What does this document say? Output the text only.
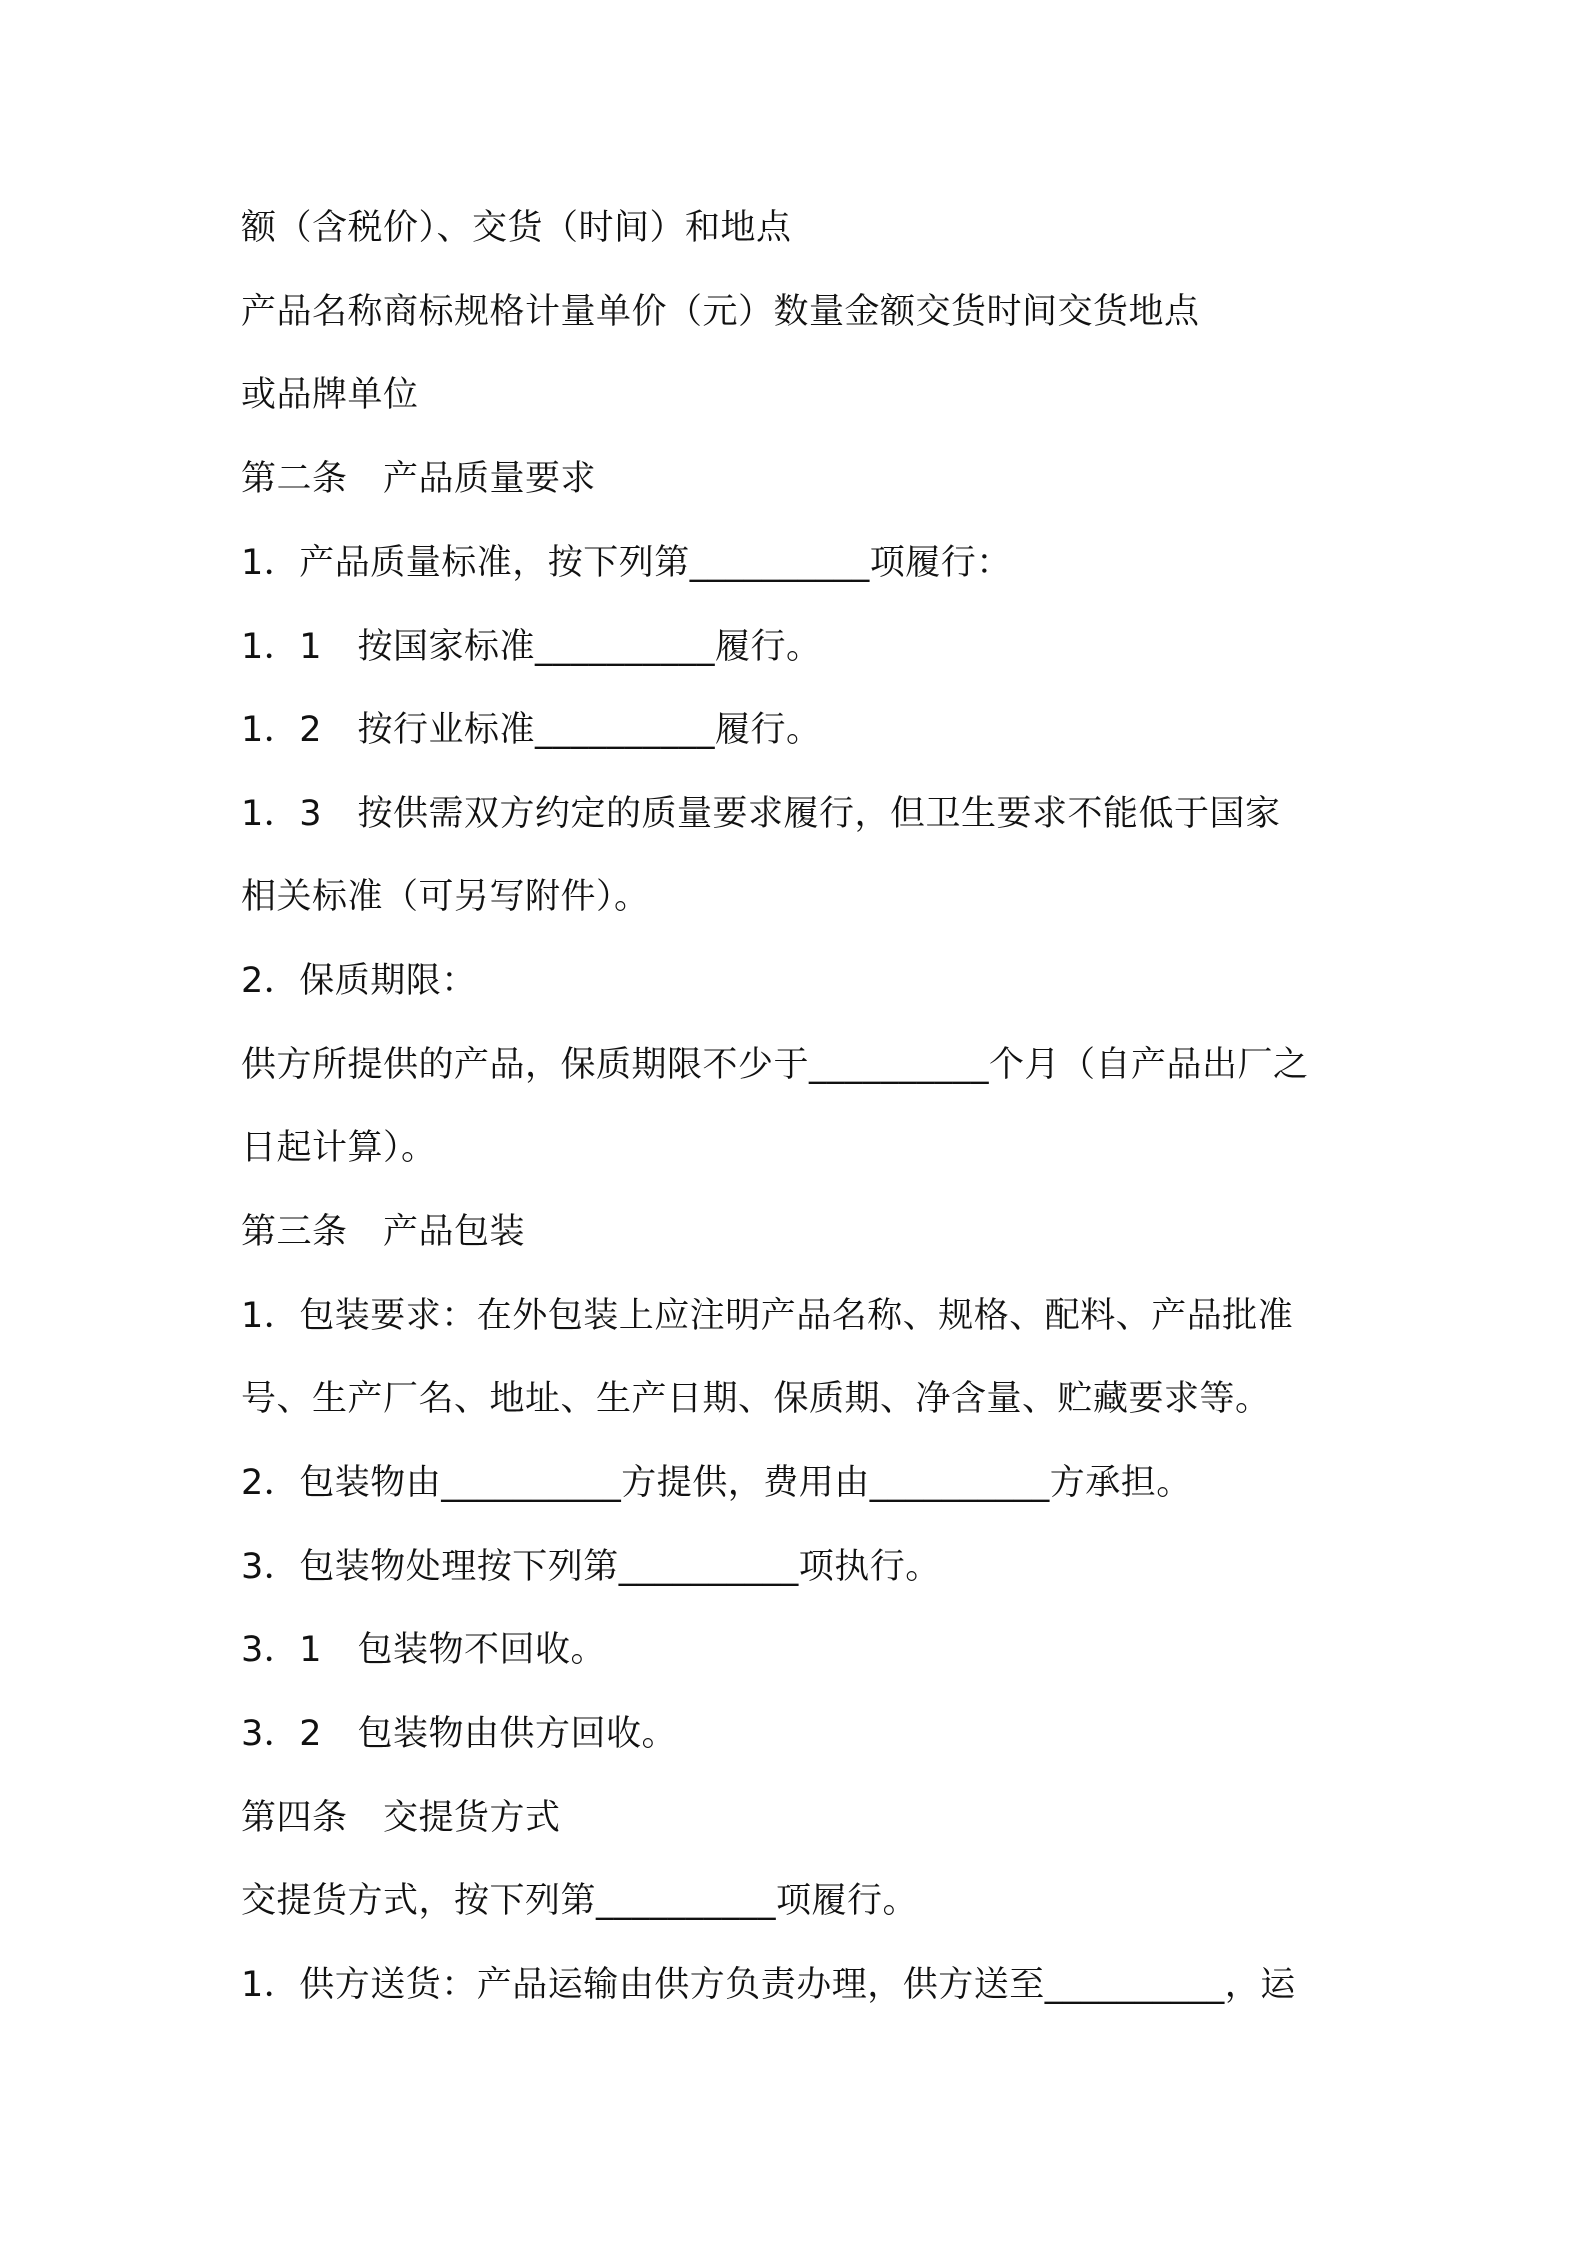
额（含税价）、交货（时间）和地点
产品名称商标规格计量单价（元）数量金额交货时间交货地点
或品牌单位
第二条　产品质量要求
1．产品质量标准，按下列第__________项履行：
1．1　按国家标准__________履行。
1．2　按行业标准__________履行。
1．3　按供需双方约定的质量要求履行，但卫生要求不能低于国家
相关标准（可另写附件）。
2．保质期限：
供方所提供的产品，保质期限不少于__________个月（自产品出厂之
日起计算）。
第三条　产品包装
1．包装要求：在外包装上应注明产品名称、规格、配料、产品批准
号、生产厂名、地址、生产日期、保质期、净含量、贮藏要求等。
2．包装物由__________方提供，费用由__________方承担。
3．包装物处理按下列第__________项执行。
3．1　包装物不回收。
3．2　包装物由供方回收。
第四条　交提货方式
交提货方式，按下列第__________项履行。
1．供方送货：产品运输由供方负责办理，供方送至__________，运
